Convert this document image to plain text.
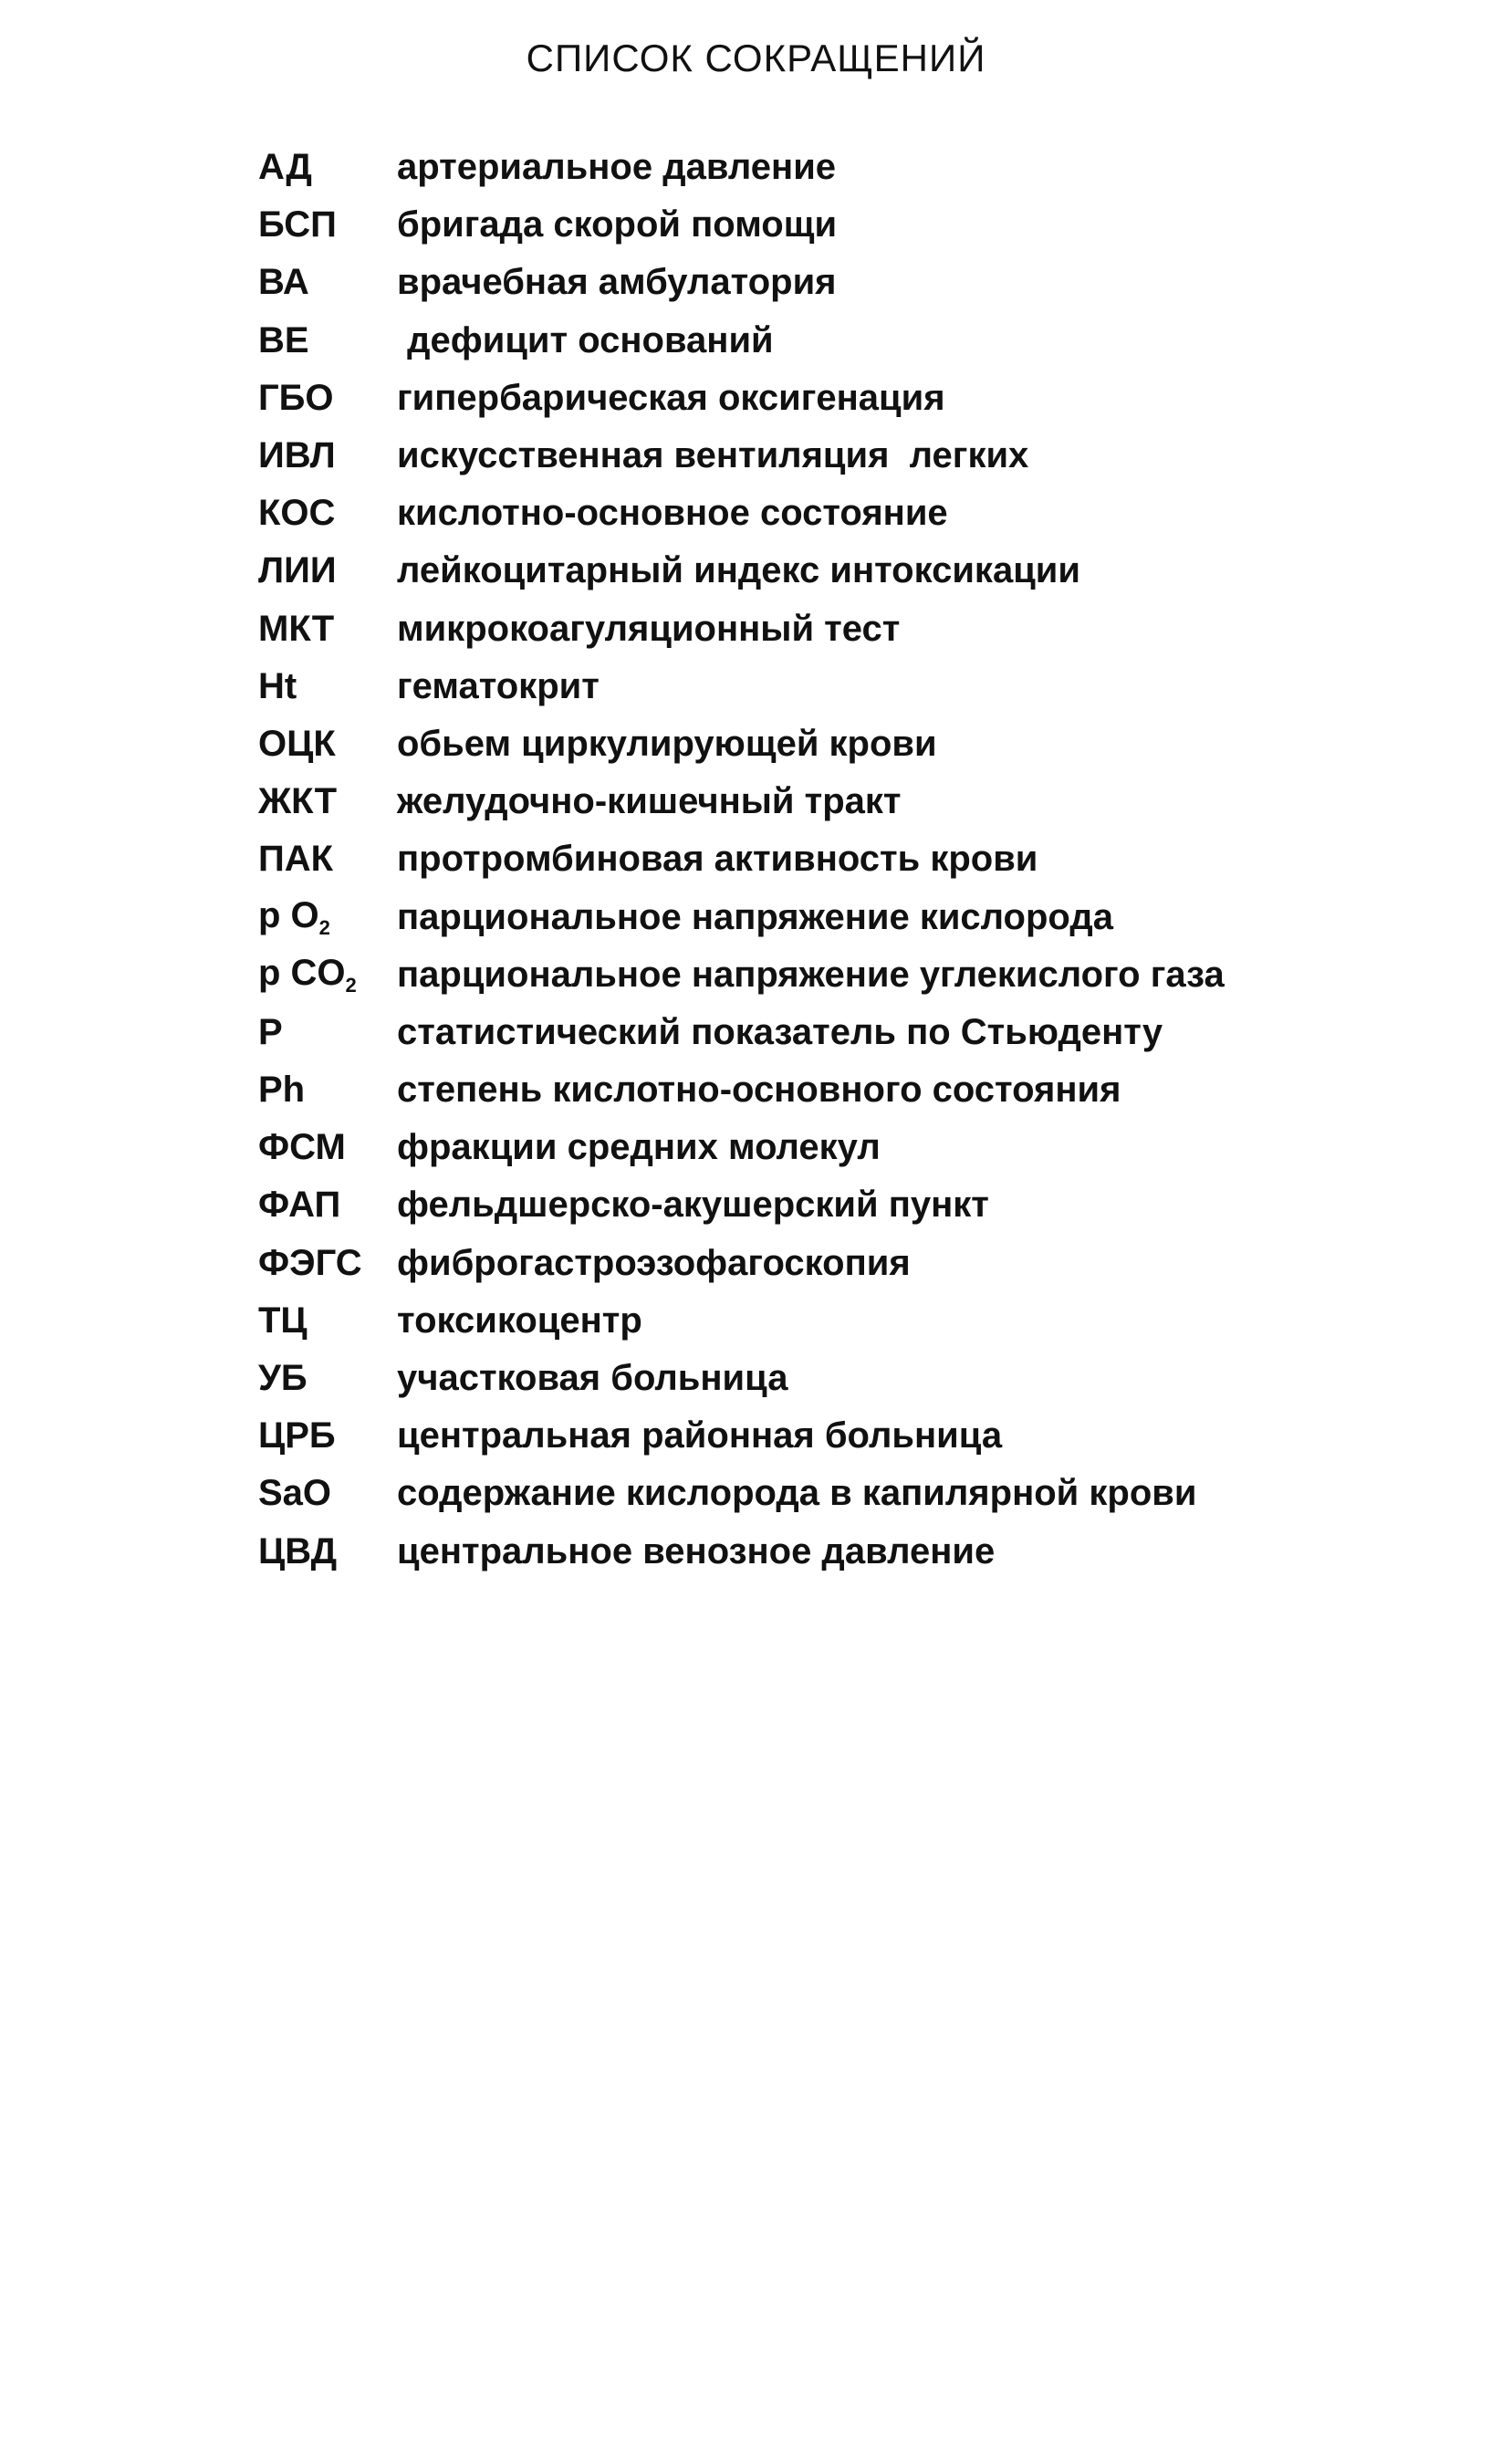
СПИСОК СОКРАЩЕНИЙ
АД	артериальное давление
БСП	бригада скорой помощи
ВА	врачебная амбулатория
ВЕ	дефицит оснований
ГБО	гипербарическая оксигенация
ИВЛ	искусственная вентиляция  легких
КОС	кислотно-основное состояние
ЛИИ	лейкоцитарный индекс интоксикации
МКТ	микрокоагуляционный тест
Ht	гематокрит
ОЦК	обьем циркулирующей крови
ЖКТ	желудочно-кишечный тракт
ПАК	протромбиновая активность крови
p $O_2$	парциональное напряжение кислорода
p $CO_2$	парциональное напряжение углекислого газа
P	статистический показатель по Стьюденту
Ph	степень кислотно-основного состояния
ФСМ	фракции средних молекул
ФАП	фельдшерско-акушерский пункт
ФЭГС фиброгастроэзофагоскопия
ТЦ	токсикоцентр
УБ	участковая больница
ЦРБ	центральная районная больница
SaO	содержание кислорода в капилярной крови
ЦВД	центральное венозное давление
